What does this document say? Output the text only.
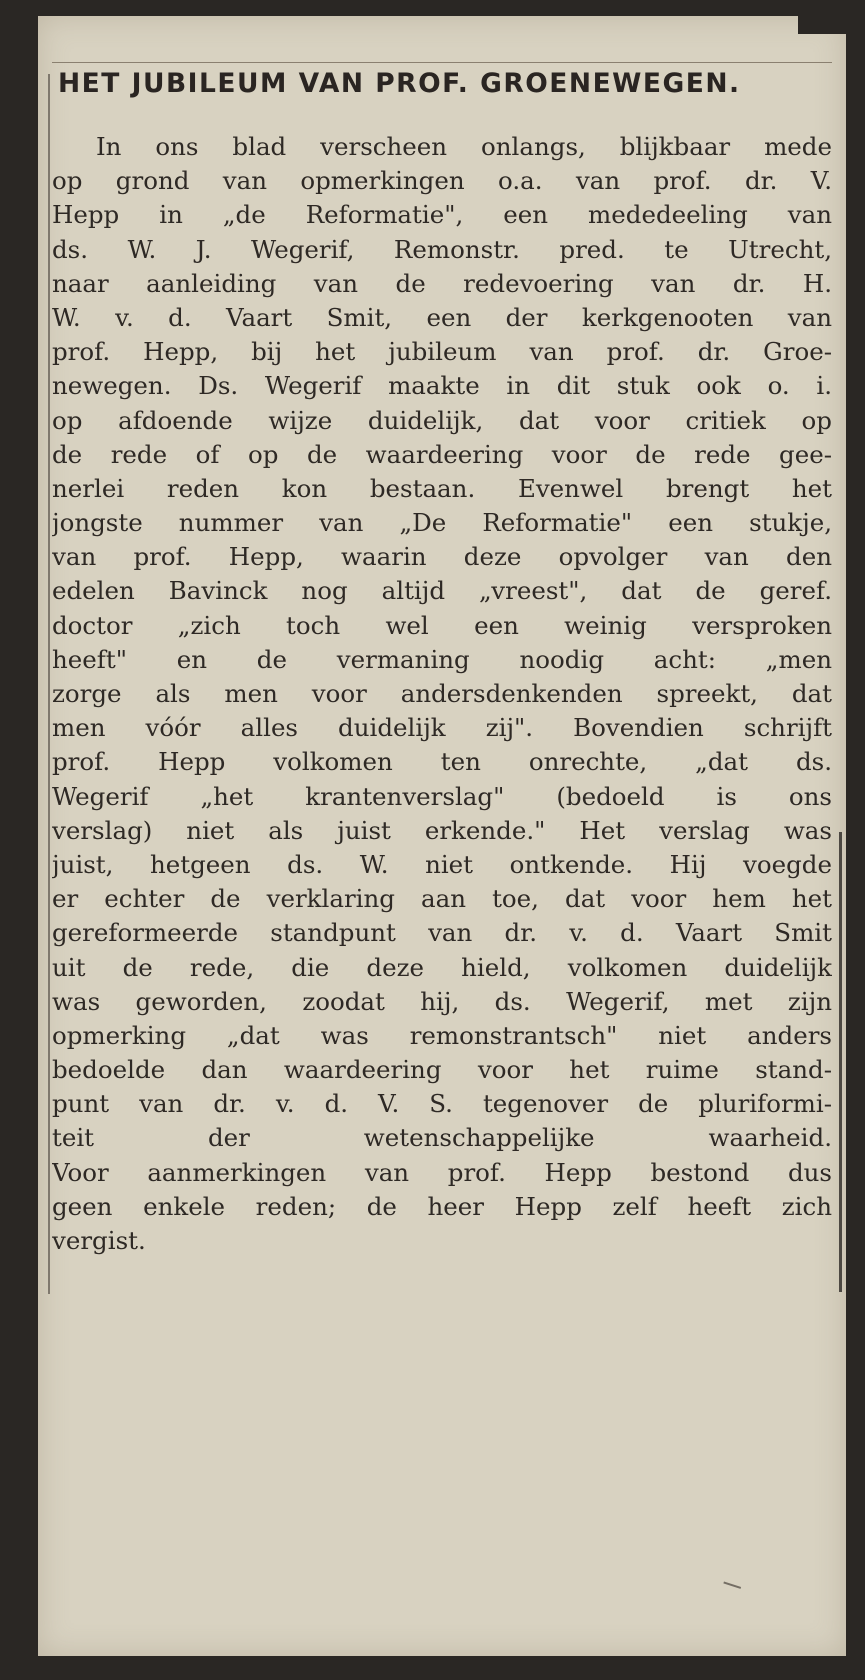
HET JUBILEUM VAN PROF. GROENEWEGEN.
In ons blad verscheen onlangs, blijkbaar mede
op grond van opmerkingen o.a. van prof. dr. V.
Hepp in „de Reformatie", een mededeeling van
ds. W. J. Wegerif, Remonstr. pred. te Utrecht,
naar aanleiding van de redevoering van dr. H.
W. v. d. Vaart Smit, een der kerkgenooten van
prof. Hepp, bij het jubileum van prof. dr. Groe-
newegen. Ds. Wegerif maakte in dit stuk ook o. i.
op afdoende wijze duidelijk, dat voor critiek op
de rede of op de waardeering voor de rede gee-
nerlei reden kon bestaan. Evenwel brengt het
jongste nummer van „De Reformatie" een stukje,
van prof. Hepp, waarin deze opvolger van den
edelen Bavinck nog altijd „vreest", dat de geref.
doctor „zich toch wel een weinig versproken
heeft" en de vermaning noodig acht: „men
zorge als men voor andersdenkenden spreekt, dat
men vóór alles duidelijk zij". Bovendien schrijft
prof. Hepp volkomen ten onrechte, „dat ds.
Wegerif „het krantenverslag" (bedoeld is ons
verslag) niet als juist erkende." Het verslag was
juist, hetgeen ds. W. niet ontkende. Hij voegde
er echter de verklaring aan toe, dat voor hem het
gereformeerde standpunt van dr. v. d. Vaart Smit
uit de rede, die deze hield, volkomen duidelijk
was geworden, zoodat hij, ds. Wegerif, met zijn
opmerking „dat was remonstrantsch" niet anders
bedoelde dan waardeering voor het ruime stand-
punt van dr. v. d. V. S. tegenover de pluriformi-
teit der wetenschappelijke waarheid.
Voor aanmerkingen van prof. Hepp bestond dus
geen enkele reden; de heer Hepp zelf heeft zich
vergist.
